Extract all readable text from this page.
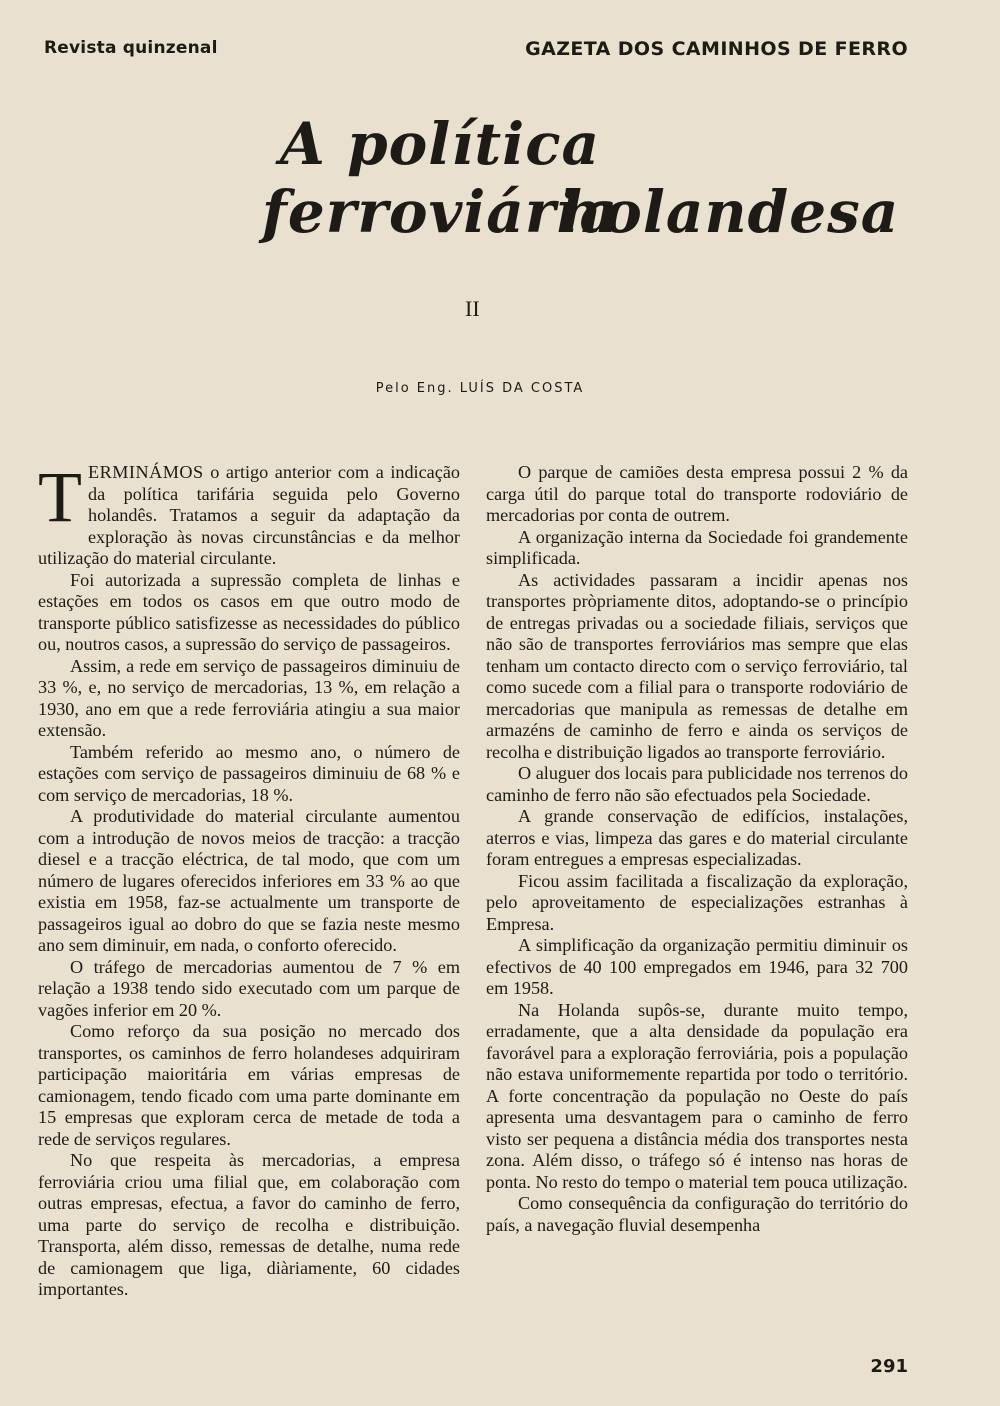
Revista quinzenal	GAZETA DOS CAMINHOS DE FERRO
A política ferroviária
holandesa
II
Pelo Eng. LUÍS DA COSTA

TERMINÁMOS o artigo anterior com a indicação da política tarifária seguida pelo Governo holandês. Tratamos a seguir da adaptação da exploração às novas circunstâncias e da melhor utilização do material circulante.

Foi autorizada a supressão completa de linhas e estações em todos os casos em que outro modo de transporte público satisfizesse as necessidades do público ou, noutros casos, a supressão do serviço de passageiros.

Assim, a rede em serviço de passageiros diminuiu de 33 %, e, no serviço de mercadorias, 13 %, em relação a 1930, ano em que a rede ferroviária atingiu a sua maior extensão.

Também referido ao mesmo ano, o número de estações com serviço de passageiros diminuiu de 68 % e com serviço de mercadorias, 18 %.

A produtividade do material circulante aumentou com a introdução de novos meios de tracção: a tracção diesel e a tracção eléctrica, de tal modo, que com um número de lugares oferecidos inferiores em 33 % ao que existia em 1958, faz-se actualmente um transporte de passageiros igual ao dobro do que se fazia neste mesmo ano sem diminuir, em nada, o conforto oferecido.

O tráfego de mercadorias aumentou de 7 % em relação a 1938 tendo sido executado com um parque de vagões inferior em 20 %.

Como reforço da sua posição no mercado dos transportes, os caminhos de ferro holandeses adquiriram participação maioritária em várias empresas de camionagem, tendo ficado com uma parte dominante em 15 empresas que exploram cerca de metade de toda a rede de serviços regulares.

No que respeita às mercadorias, a empresa ferroviária criou uma filial que, em colaboração com outras empresas, efectua, a favor do caminho de ferro, uma parte do serviço de recolha e distribuição. Transporta, além disso, remessas de detalhe, numa rede de camionagem que liga, diàriamente, 60 cidades importantes.

O parque de camiões desta empresa possui 2 % da carga útil do parque total do transporte rodoviário de mercadorias por conta de outrem.

A organização interna da Sociedade foi grandemente simplificada.

As actividades passaram a incidir apenas nos transportes pròpriamente ditos, adoptando-se o princípio de entregas privadas ou a sociedade filiais, serviços que não são de transportes ferroviários mas sempre que elas tenham um contacto directo com o serviço ferroviário, tal como sucede com a filial para o transporte rodoviário de mercadorias que manipula as remessas de detalhe em armazéns de caminho de ferro e ainda os serviços de recolha e distribuição ligados ao transporte ferroviário.

O aluguer dos locais para publicidade nos terrenos do caminho de ferro não são efectuados pela Sociedade.

A grande conservação de edifícios, instalações, aterros e vias, limpeza das gares e do material circulante foram entregues a empresas especializadas.

Ficou assim facilitada a fiscalização da exploração, pelo aproveitamento de especializações estranhas à Empresa.

A simplificação da organização permitiu diminuir os efectivos de 40 100 empregados em 1946, para 32 700 em 1958.

Na Holanda supôs-se, durante muito tempo, erradamente, que a alta densidade da população era favorável para a exploração ferroviária, pois a população não estava uniformemente repartida por todo o território. A forte concentração da população no Oeste do país apresenta uma desvantagem para o caminho de ferro visto ser pequena a distância média dos transportes nesta zona. Além disso, o tráfego só é intenso nas horas de ponta. No resto do tempo o material tem pouca utilização.

Como consequência da configuração do território do país, a navegação fluvial desempenha

291
